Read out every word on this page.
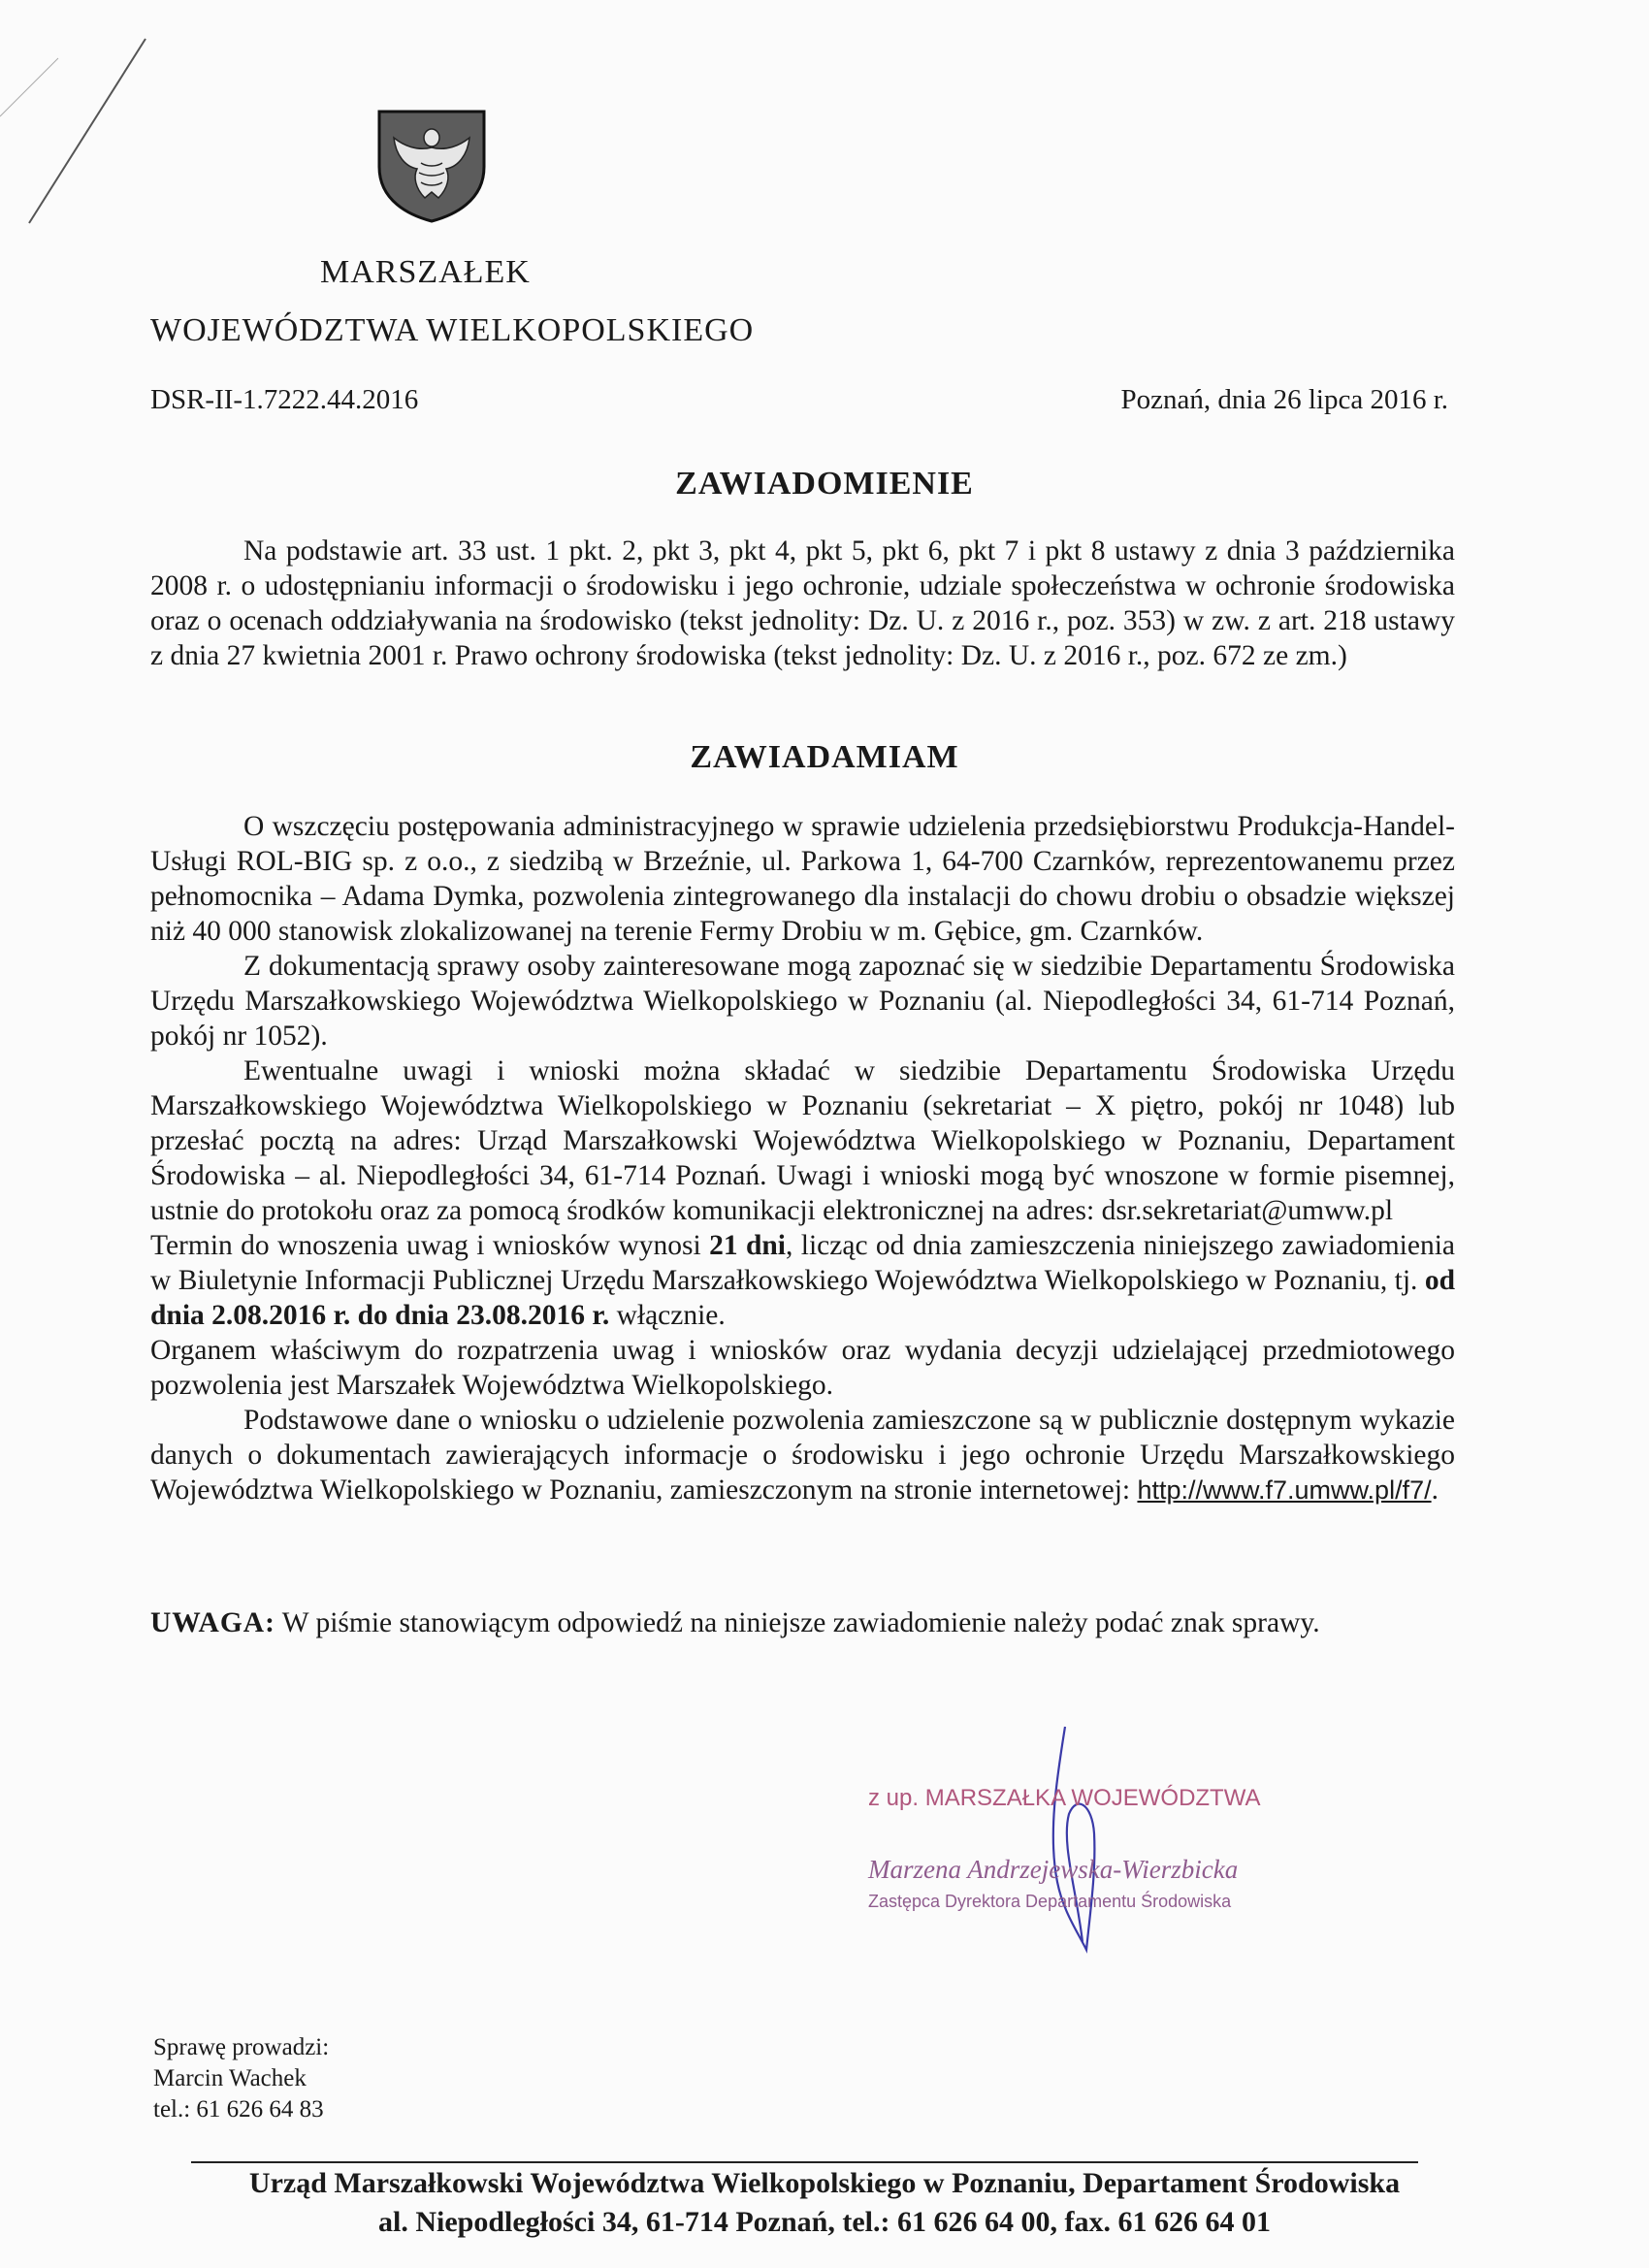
MARSZAŁEK
WOJEWÓDZTWA WIELKOPOLSKIEGO
DSR-II-1.7222.44.2016	Poznań, dnia 26 lipca 2016 r.
ZAWIADOMIENIE

Na podstawie art. 33 ust. 1 pkt. 2, pkt 3, pkt 4, pkt 5, pkt 6, pkt 7 i pkt 8 ustawy z dnia 3 października 2008 r. o udostępnianiu informacji o środowisku i jego ochronie, udziale społeczeństwa w ochronie środowiska oraz o ocenach oddziaływania na środowisko (tekst jednolity: Dz. U. z 2016 r., poz. 353) w zw. z art. 218 ustawy z dnia 27 kwietnia 2001 r. Prawo ochrony środowiska (tekst jednolity: Dz. U. z 2016 r., poz. 672 ze zm.)

ZAWIADAMIAM

O wszczęciu postępowania administracyjnego w sprawie udzielenia przedsiębiorstwu Produkcja-Handel-Usługi ROL-BIG sp. z o.o., z siedzibą w Brzeźnie, ul. Parkowa 1, 64-700 Czarnków, reprezentowanemu przez pełnomocnika – Adama Dymka, pozwolenia zintegrowanego dla instalacji do chowu drobiu o obsadzie większej niż 40 000 stanowisk zlokalizowanej na terenie Fermy Drobiu w m. Gębice, gm. Czarnków.

Z dokumentacją sprawy osoby zainteresowane mogą zapoznać się w siedzibie Departamentu Środowiska Urzędu Marszałkowskiego Województwa Wielkopolskiego w Poznaniu (al. Niepodległości 34, 61-714 Poznań, pokój nr 1052).

Ewentualne uwagi i wnioski można składać w siedzibie Departamentu Środowiska Urzędu Marszałkowskiego Województwa Wielkopolskiego w Poznaniu (sekretariat – X piętro, pokój nr 1048) lub przesłać pocztą na adres: Urząd Marszałkowski Województwa Wielkopolskiego w Poznaniu, Departament Środowiska – al. Niepodległości 34, 61-714 Poznań. Uwagi i wnioski mogą być wnoszone w formie pisemnej, ustnie do protokołu oraz za pomocą środków komunikacji elektronicznej na adres: dsr.sekretariat@umww.pl

Termin do wnoszenia uwag i wniosków wynosi 21 dni, licząc od dnia zamieszczenia niniejszego zawiadomienia w Biuletynie Informacji Publicznej Urzędu Marszałkowskiego Województwa Wielkopolskiego w Poznaniu, tj. od dnia 2.08.2016 r. do dnia 23.08.2016 r. włącznie.

Organem właściwym do rozpatrzenia uwag i wniosków oraz wydania decyzji udzielającej przedmiotowego pozwolenia jest Marszałek Województwa Wielkopolskiego.

Podstawowe dane o wniosku o udzielenie pozwolenia zamieszczone są w publicznie dostępnym wykazie danych o dokumentach zawierających informacje o środowisku i jego ochronie Urzędu Marszałkowskiego Województwa Wielkopolskiego w Poznaniu, zamieszczonym na stronie internetowej: http://www.f7.umww.pl/f7/.

UWAGA: W piśmie stanowiącym odpowiedź na niniejsze zawiadomienie należy podać znak sprawy.
z up. MARSZAŁKA WOJEWÓDZTWA
Marzena Andrzejewska-Wierzbicka
Zastępca Dyrektora Departamentu Środowiska
Sprawę prowadzi:
Marcin Wachek
tel.: 61 626 64 83
Urząd Marszałkowski Województwa Wielkopolskiego w Poznaniu, Departament Środowiska
al. Niepodległości 34, 61-714 Poznań, tel.: 61 626 64 00, fax. 61 626 64 01
